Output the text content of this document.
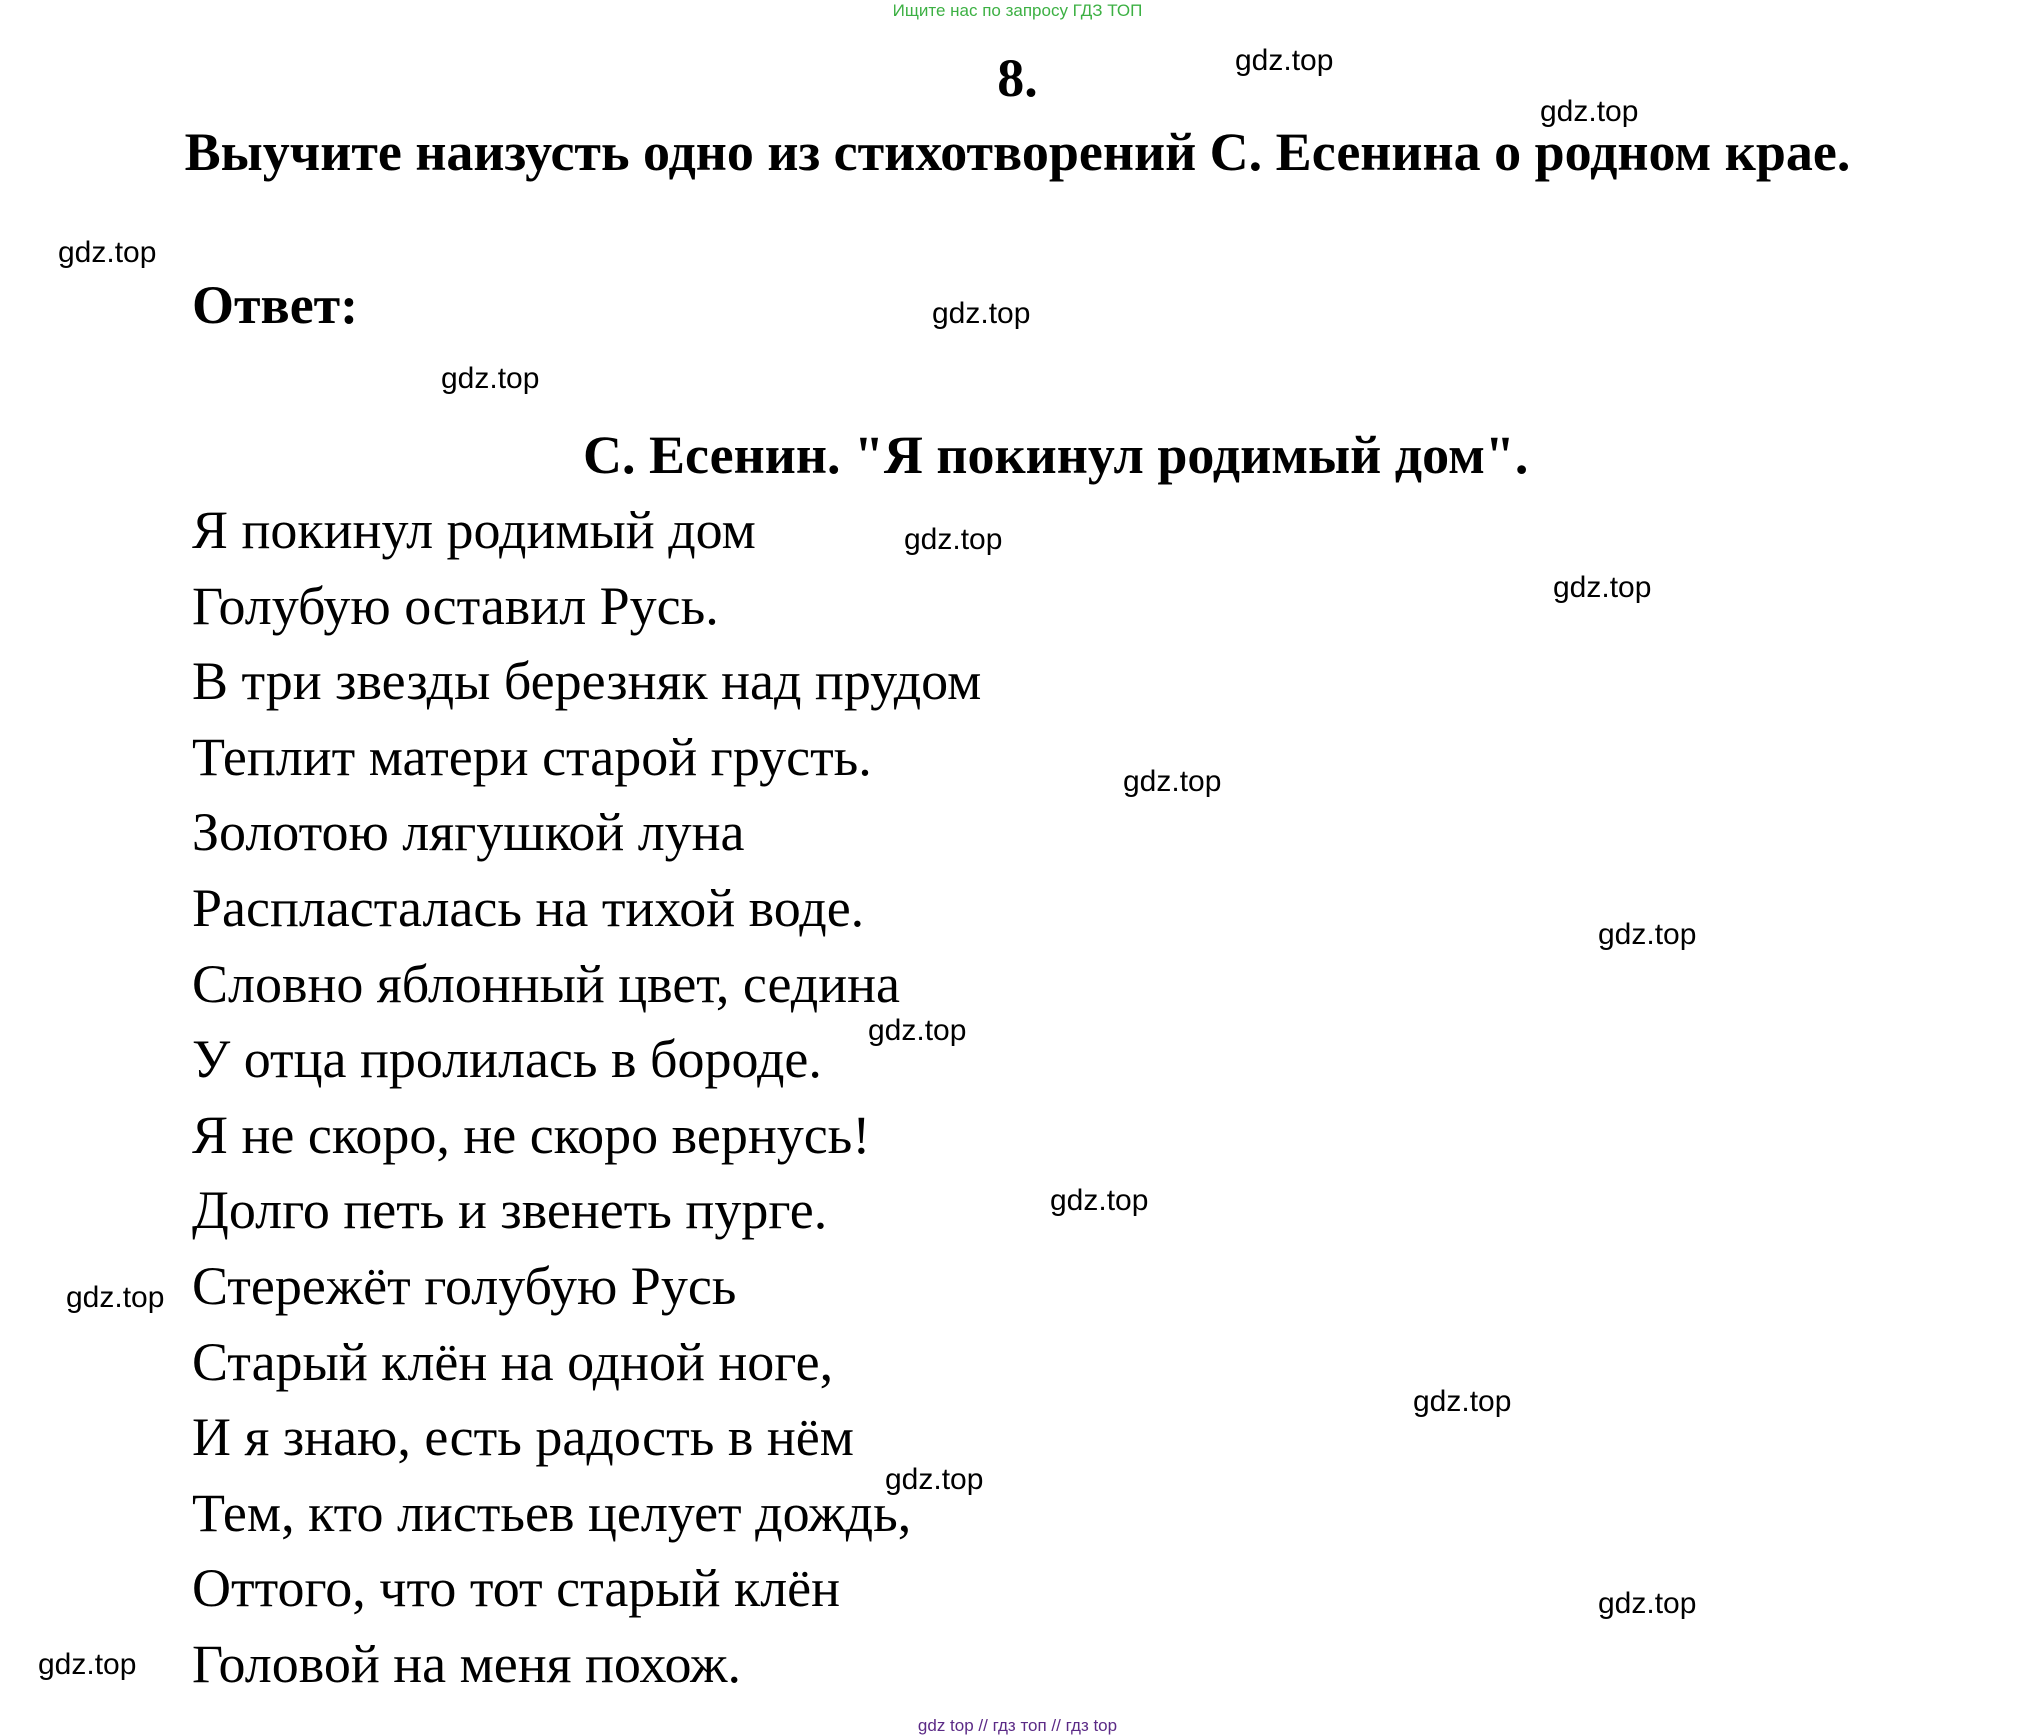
Ищите нас по запросу ГДЗ ТОП
8.
Выучите наизусть одно из стихотворений С. Есенина о родном крае.
Ответ:
С. Есенин. "Я покинул родимый дом".
Я покинул родимый дом
Голубую оставил Русь.
В три звезды березняк над прудом
Теплит матери старой грусть.
Золотою лягушкой луна
Распласталась на тихой воде.
Словно яблонный цвет, седина
У отца пролилась в бороде.
Я не скоро, не скоро вернусь!
Долго петь и звенеть пурге.
Стережёт голубую Русь
Старый клён на одной ноге,
И я знаю, есть радость в нём
Тем, кто листьев целует дождь,
Оттого, что тот старый клён
Головой на меня похож.
gdz.top
gdz.top
gdz.top
gdz.top
gdz.top
gdz.top
gdz.top
gdz.top
gdz.top
gdz.top
gdz.top
gdz.top
gdz.top
gdz.top
gdz.top
gdz.top
gdz top // гдз топ // гдз top
